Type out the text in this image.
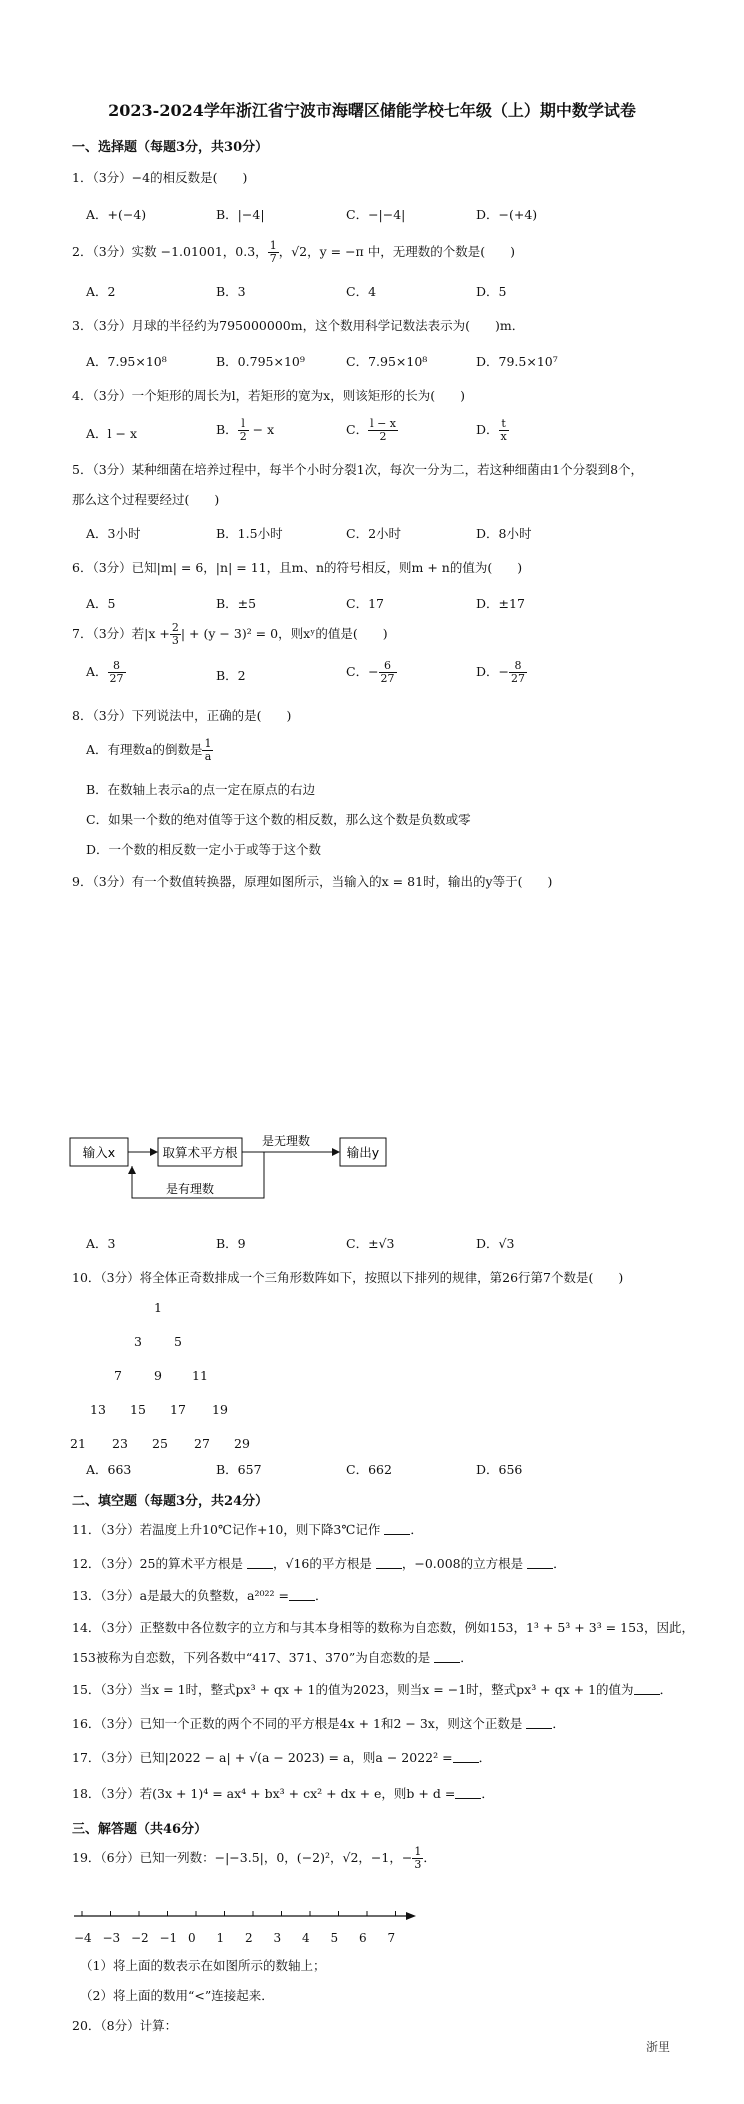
2023-2024学年浙江省宁波市海曙区储能学校七年级（上）期中数学试卷
一、选择题（每题3分，共30分）
1．（3分）−4的相反数是(　　)
A．+(−4)	B．|−4|	C．−|−4|	D．−(+4)
2．（3分）实数 −1.01001，0.3， $\frac{1}{7}$ ，√2，y = −π 中，无理数的个数是(　　)
A．2	B．3	C．4	D．5
3．（3分）月球的半径约为795000000m，这个数用科学记数法表示为(　　)m．
A．7.95×10⁸	B．0.795×10⁹	C．7.95×10⁸	D．79.5×10⁷
4．（3分）一个矩形的周长为l，若矩形的宽为x，则该矩形的长为(　　)
A．l − x	B． $\frac{l}{2} - x$	C． $\frac{l - x}{2}$	D． $\frac{t}{x}$
5．（3分）某种细菌在培养过程中，每半个小时分裂1次，每次一分为二，若这种细菌由1个分裂到8个，
那么这个过程要经过(　　)
A．3小时	B．1.5小时	C．2小时	D．8小时
6．（3分）已知|m| = 6，|n| = 11，且m、n的符号相反，则m + n的值为(　　)
A．5	B．±5	C．17	D．±17
7．（3分）若$|x + \frac{2}{3}$ | + (y − 3)² = 0，则xʸ的值是(　　)
A． $\frac{8}{27}$	B．2	C．− $\frac{6}{27}$	D．− $\frac{8}{27}$
8．（3分）下列说法中，正确的是(　　)
A．有理数a的倒数是 $\frac{1}{a}$
B．在数轴上表示a的点一定在原点的右边
C．如果一个数的绝对值等于这个数的相反数，那么这个数是负数或零
D．一个数的相反数一定小于或等于这个数
9．（3分）有一个数值转换器，原理如图所示，当输入的x = 81时，输出的y等于(　　)
输入x	取算术平方根
是无理数
输出y
是有理数
A．3	B．9	C．±√3	D．√3
10．（3分）将全体正奇数排成一个三角形数阵如下，按照以下排列的规律，第26行第7个数是(　　)
1
3	5
7	9 11
13 15 17 19
21 23 25 27 29
A．663	B．657	C．662	D．656
二、填空题（每题3分，共24分）
11．（3分）若温度上升10℃记作+10，则下降3℃记作 ．
12．（3分）25的算术平方根是 ，√16的平方根是 ，−0.008的立方根是 ．
13．（3分）a是最大的负整数，a²⁰²² = ．
14．（3分）正整数中各位数字的立方和与其本身相等的数称为自恋数，例如153，1³ + 5³ + 3³ = 153，因此，
153被称为自恋数，下列各数中“417、371、370”为自恋数的是 ．
15．（3分）当x = 1时，整式px³ + qx + 1的值为2023，则当x = −1时，整式px³ + qx + 1的值为 ．
16．（3分）已知一个正数的两个不同的平方根是4x + 1和2 − 3x，则这个正数是 ．
17．（3分）已知|2022 − a| + √(a − 2023) = a，则a − 2022² = ．
18．（3分）若(3x + 1)⁴ = ax⁴ + bx³ + cx² + dx + e，则b + d = ．
三、解答题（共46分）
19．（6分）已知一列数：−|−3.5|，0，(−2)²，√2，−1，− $\frac{1}{3}$ ．
−4 −3 −2 −1 0 1 2 3 4 5 6 7
（1）将上面的数表示在如图所示的数轴上；
（2）将上面的数用“<”连接起来．
20．（8分）计算：
浙里
